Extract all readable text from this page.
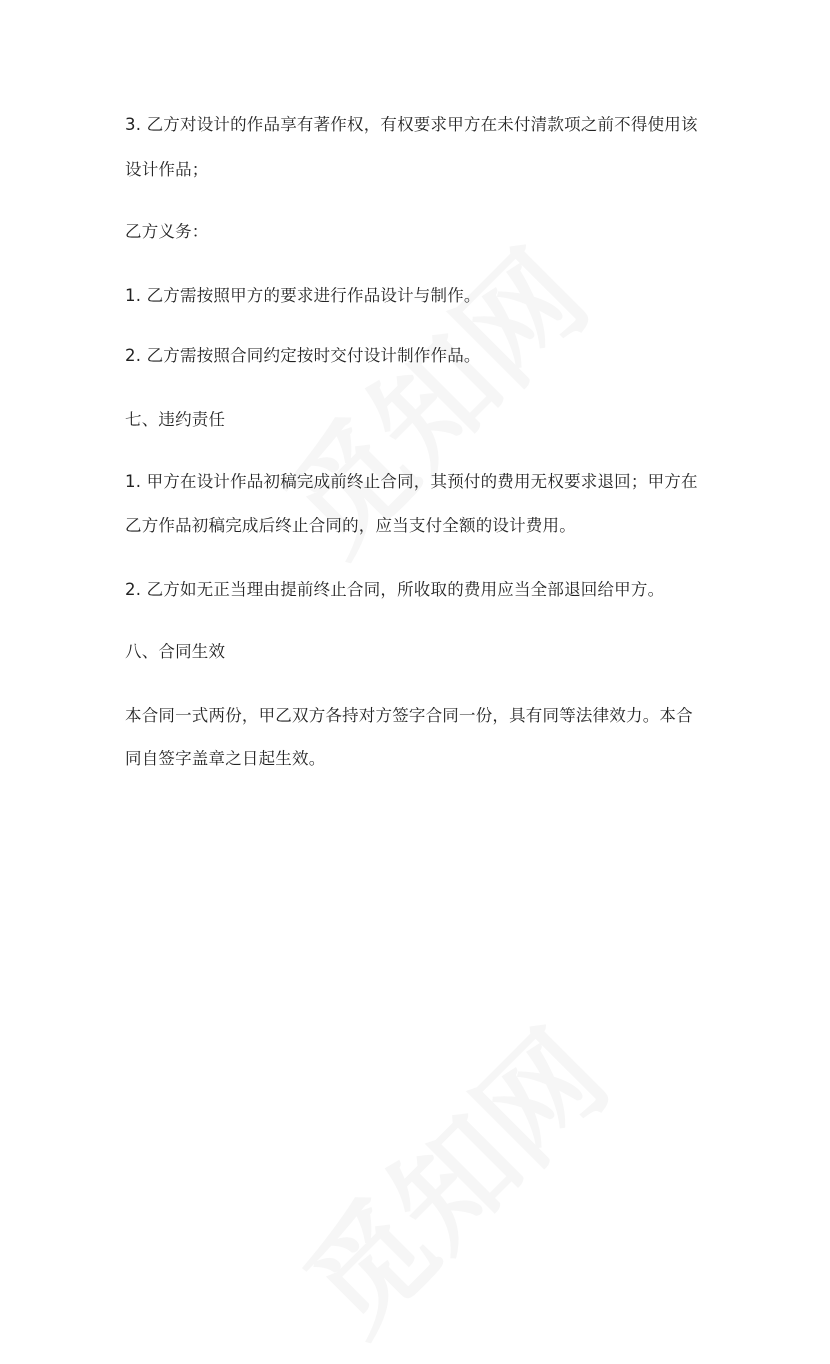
3. 乙方对设计的作品享有著作权，有权要求甲方在未付清款项之前不得使用该
设计作品；
乙方义务：
1. 乙方需按照甲方的要求进行作品设计与制作。
2. 乙方需按照合同约定按时交付设计制作作品。
七、违约责任
1. 甲方在设计作品初稿完成前终止合同，其预付的费用无权要求退回；甲方在
乙方作品初稿完成后终止合同的，应当支付全额的设计费用。
2. 乙方如无正当理由提前终止合同，所收取的费用应当全部退回给甲方。
八、合同生效
本合同一式两份，甲乙双方各持对方签字合同一份，具有同等法律效力。本合
同自签字盖章之日起生效。
